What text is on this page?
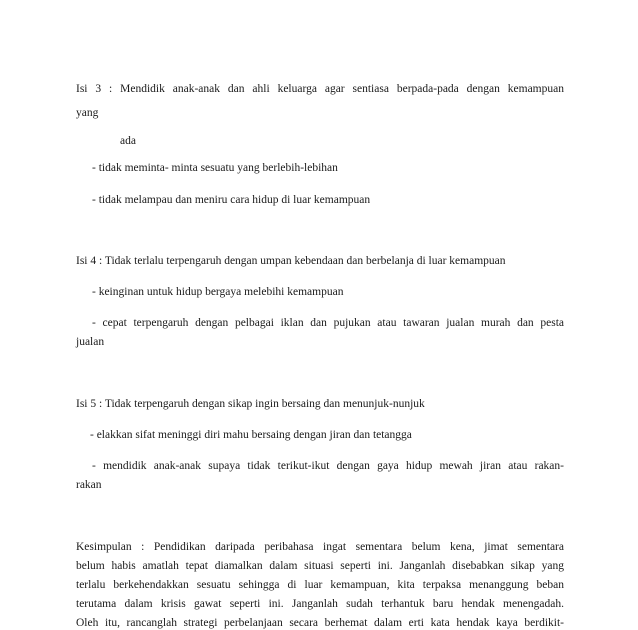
Isi 3 : Mendidik anak-anak dan ahli keluarga agar sentiasa berpada-pada dengan kemampuan
yang
ada
- tidak meminta- minta sesuatu yang berlebih-lebihan
- tidak melampau dan meniru cara hidup di luar kemampuan
Isi 4 : Tidak terlalu terpengaruh dengan umpan kebendaan dan berbelanja di luar kemampuan
- keinginan untuk hidup bergaya melebihi kemampuan
- cepat terpengaruh dengan pelbagai iklan dan pujukan atau tawaran jualan murah dan pesta
jualan
Isi 5 : Tidak terpengaruh dengan sikap ingin bersaing dan menunjuk-nunjuk
- elakkan sifat meninggi diri mahu bersaing dengan jiran dan tetangga
- mendidik anak-anak supaya tidak terikut-ikut dengan gaya hidup mewah jiran atau rakan-
rakan
Kesimpulan : Pendidikan daripada peribahasa ingat sementara belum kena, jimat sementara
belum habis amatlah tepat diamalkan dalam situasi seperti ini. Janganlah disebabkan sikap yang
terlalu berkehendakkan sesuatu sehingga di luar kemampuan, kita terpaksa menanggung beban
terutama dalam krisis gawat seperti ini. Janganlah sudah terhantuk baru hendak menengadah.
Oleh itu, rancanglah strategi perbelanjaan secara berhemat dalam erti kata hendak kaya berdikit-
